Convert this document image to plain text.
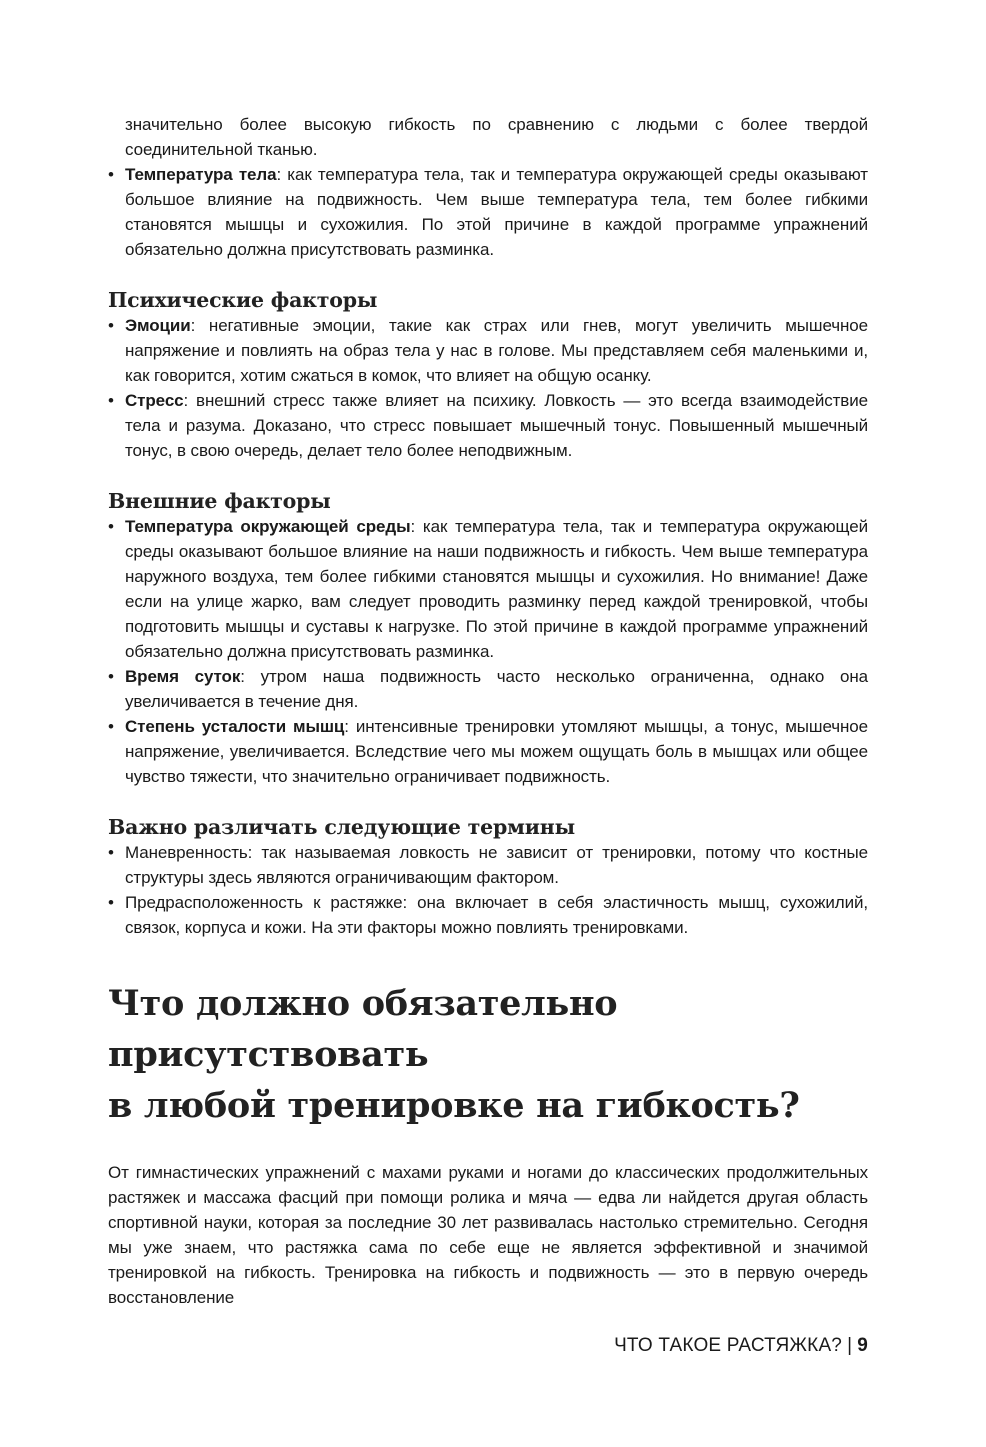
значительно более высокую гибкость по сравнению с людьми с более твердой соединительной тканью.

• Температура тела: как температура тела, так и температура окружающей среды оказывают большое влияние на подвижность. Чем выше температура тела, тем более гибкими становятся мышцы и сухожилия. По этой причине в каждой программе упражнений обязательно должна присутствовать разминка.
Психические факторы
• Эмоции: негативные эмоции, такие как страх или гнев, могут увеличить мышечное напряжение и повлиять на образ тела у нас в голове. Мы представляем себя маленькими и, как говорится, хотим сжаться в комок, что влияет на общую осанку.
• Стресс: внешний стресс также влияет на психику. Ловкость — это всегда взаимодействие тела и разума. Доказано, что стресс повышает мышечный тонус. Повышенный мышечный тонус, в свою очередь, делает тело более неподвижным.
Внешние факторы
• Температура окружающей среды: как температура тела, так и температура окружающей среды оказывают большое влияние на наши подвижность и гибкость. Чем выше температура наружного воздуха, тем более гибкими становятся мышцы и сухожилия. Но внимание! Даже если на улице жарко, вам следует проводить разминку перед каждой тренировкой, чтобы подготовить мышцы и суставы к нагрузке. По этой причине в каждой программе упражнений обязательно должна присутствовать разминка.
• Время суток: утром наша подвижность часто несколько ограниченна, однако она увеличивается в течение дня.
• Степень усталости мышц: интенсивные тренировки утомляют мышцы, а тонус, мышечное напряжение, увеличивается. Вследствие чего мы можем ощущать боль в мышцах или общее чувство тяжести, что значительно ограничивает подвижность.
Важно различать следующие термины
• Маневренность: так называемая ловкость не зависит от тренировки, потому что костные структуры здесь являются ограничивающим фактором.
• Предрасположенность к растяжке: она включает в себя эластичность мышц, сухожилий, связок, корпуса и кожи. На эти факторы можно повлиять тренировками.
Что должно обязательно присутствовать
в любой тренировке на гибкость?

От гимнастических упражнений с махами руками и ногами до классических продолжительных растяжек и массажа фасций при помощи ролика и мяча — едва ли найдется другая область спортивной науки, которая за последние 30 лет развивалась настолько стремительно. Сегодня мы уже знаем, что растяжка сама по себе еще не является эффективной и значимой тренировкой на гибкость. Тренировка на гибкость и подвижность — это в первую очередь восстановление

ЧТО ТАКОЕ РАСТЯЖКА? | 9
